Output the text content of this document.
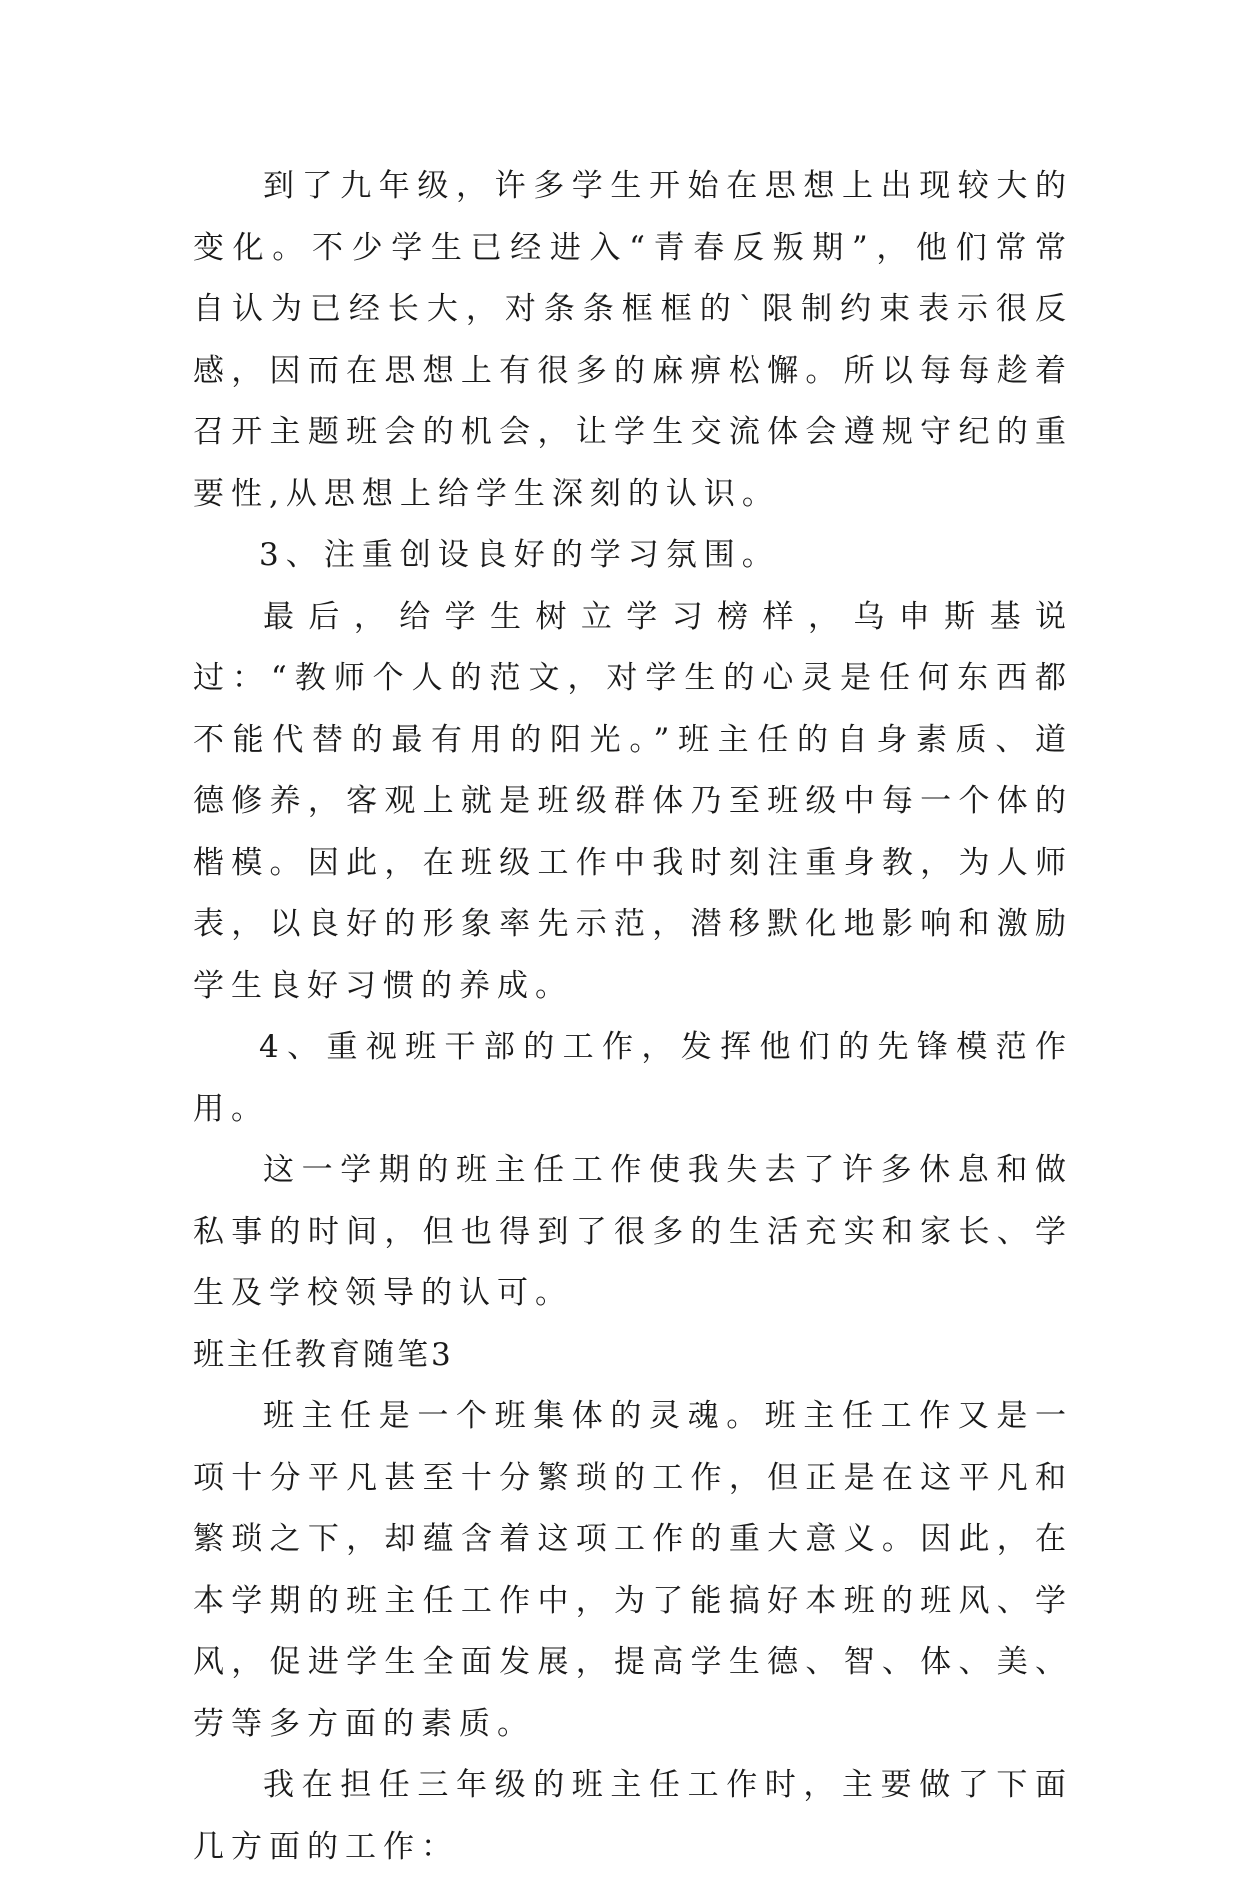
到了九年级，许多学生开始在思想上出现较大的变化。不少学生已经进入“青春反叛期”，他们常常自认为已经长大，对条条框框的`限制约束表示很反感，因而在思想上有很多的麻痹松懈。所以每每趁着召开主题班会的机会，让学生交流体会遵规守纪的重要性,从思想上给学生深刻的认识。

3、注重创设良好的学习氛围。

最后，给学生树立学习榜样，乌申斯基说过：“教师个人的范文，对学生的心灵是任何东西都不能代替的最有用的阳光。”班主任的自身素质、道德修养，客观上就是班级群体乃至班级中每一个体的楷模。因此，在班级工作中我时刻注重身教，为人师表，以良好的形象率先示范，潜移默化地影响和激励学生良好习惯的养成。

4、重视班干部的工作，发挥他们的先锋模范作用。

这一学期的班主任工作使我失去了许多休息和做私事的时间，但也得到了很多的生活充实和家长、学生及学校领导的认可。

班主任教育随笔3

班主任是一个班集体的灵魂。班主任工作又是一项十分平凡甚至十分繁琐的工作，但正是在这平凡和繁琐之下，却蕴含着这项工作的重大意义。因此，在本学期的班主任工作中，为了能搞好本班的班风、学风，促进学生全面发展，提高学生德、智、体、美、劳等多方面的素质。

我在担任三年级的班主任工作时，主要做了下面几方面的工作：
